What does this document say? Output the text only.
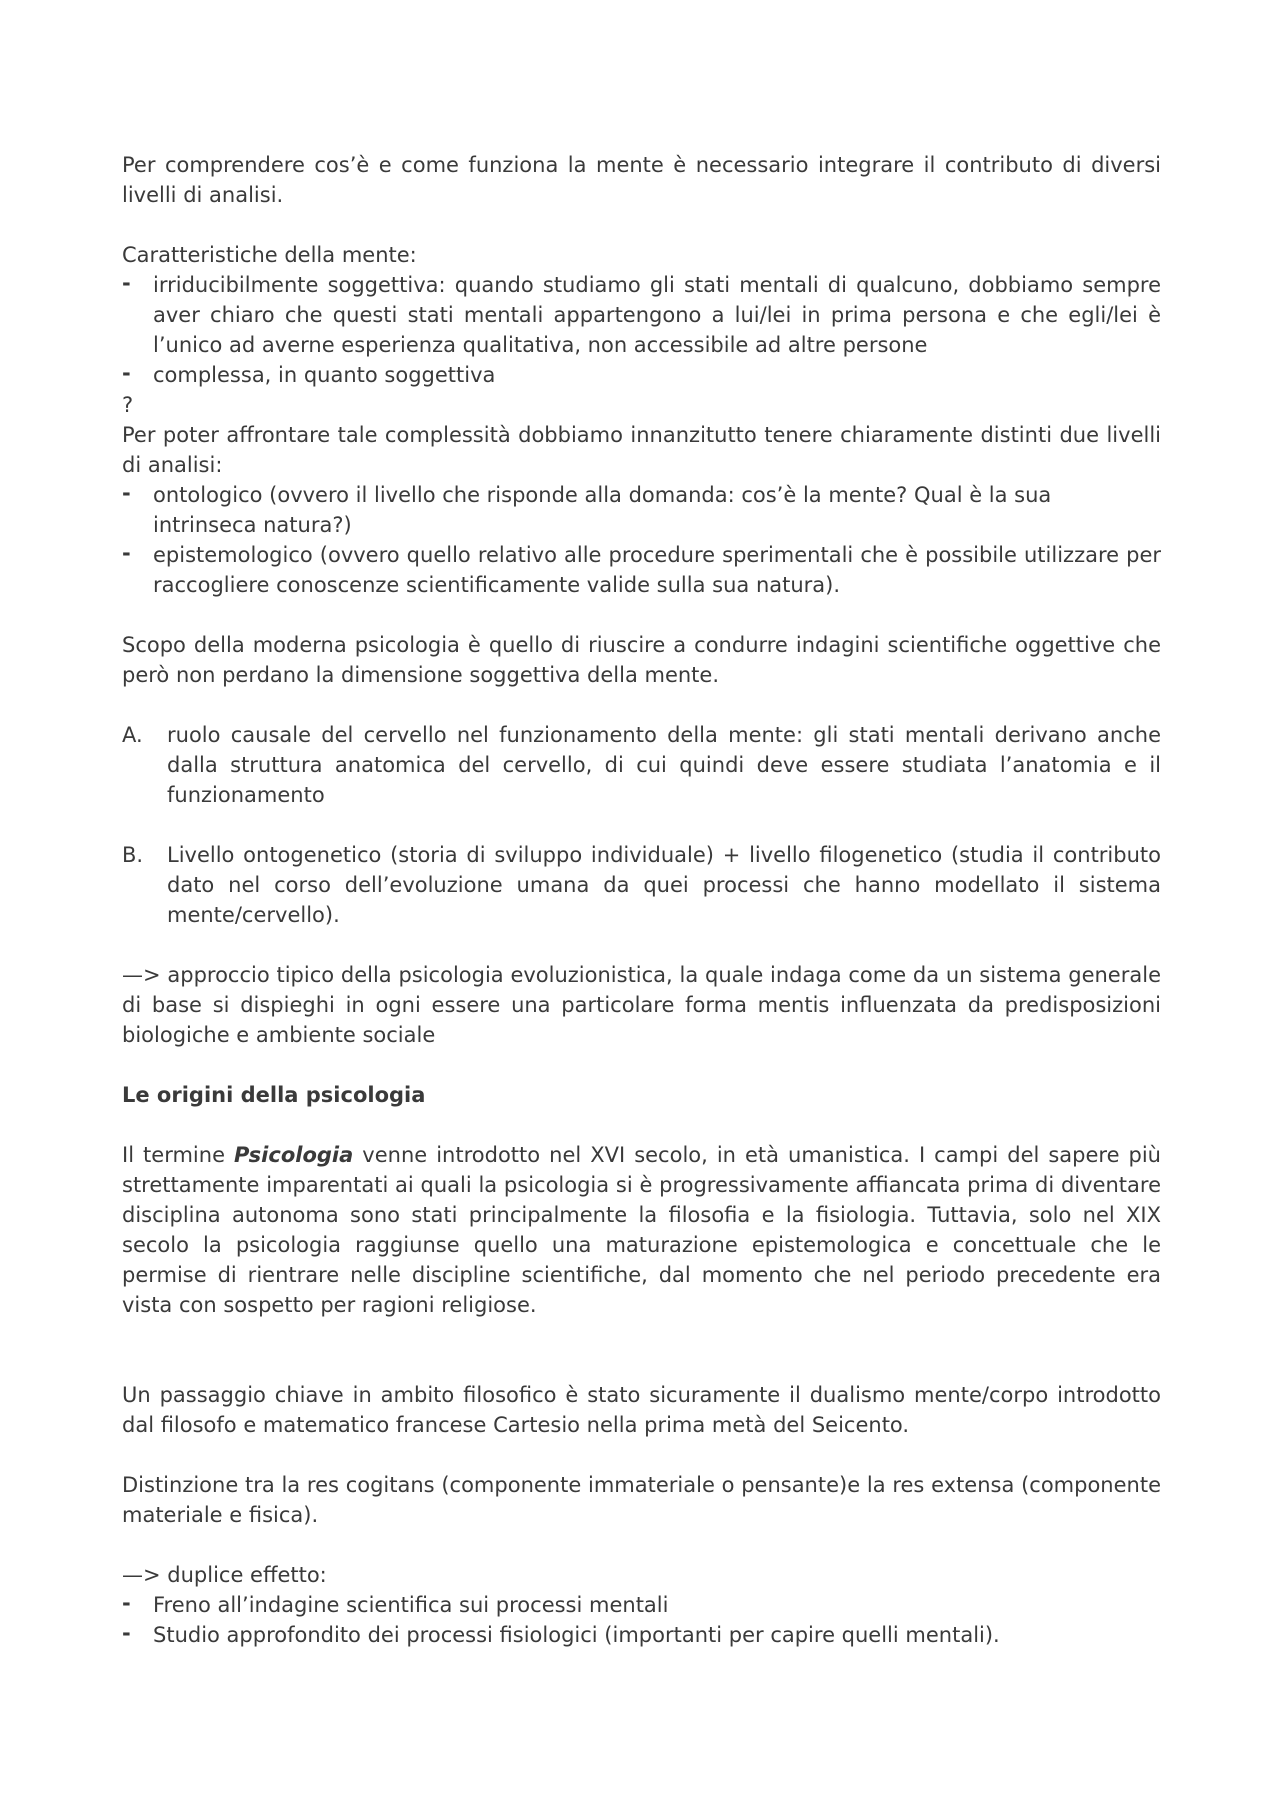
Per comprendere cos’è e come funziona la mente è necessario integrare il contributo di diversi livelli di analisi.

Caratteristiche della mente:

- irriducibilmente soggettiva: quando studiamo gli stati mentali di qualcuno, dobbiamo sempre aver chiaro che questi stati mentali appartengono a lui/lei in prima persona e che egli/lei è l’unico ad averne esperienza qualitativa, non accessibile ad altre persone
- complessa, in quanto soggettiva

?

Per poter affrontare tale complessità dobbiamo innanzitutto tenere chiaramente distinti due livelli di analisi:

- ontologico (ovvero il livello che risponde alla domanda: cos’è la mente? Qual è la sua intrinseca natura?)
- epistemologico (ovvero quello relativo alle procedure sperimentali che è possibile utilizzare per raccogliere conoscenze scientificamente valide sulla sua natura).

Scopo della moderna psicologia è quello di riuscire a condurre indagini scientifiche oggettive che però non perdano la dimensione soggettiva della mente.

A. ruolo causale del cervello nel funzionamento della mente: gli stati mentali derivano anche dalla struttura anatomica del cervello, di cui quindi deve essere studiata l’anatomia e il funzionamento

B. Livello ontogenetico (storia di sviluppo individuale) + livello filogenetico (studia il contributo dato nel corso dell’evoluzione umana da quei processi che hanno modellato il sistema mente/cervello).

—> approccio tipico della psicologia evoluzionistica, la quale indaga come da un sistema generale di base si dispieghi in ogni essere una particolare forma mentis influenzata da predisposizioni biologiche e ambiente sociale

Le origini della psicologia

Il termine Psicologia venne introdotto nel XVI secolo, in età umanistica. I campi del sapere più strettamente imparentati ai quali la psicologia si è progressivamente affiancata prima di diventare disciplina autonoma sono stati principalmente la filosofia e la fisiologia. Tuttavia, solo nel XIX secolo la psicologia raggiunse quello una maturazione epistemologica e concettuale che le permise di rientrare nelle discipline scientifiche, dal momento che nel periodo precedente era vista con sospetto per ragioni religiose.

Un passaggio chiave in ambito filosofico è stato sicuramente il dualismo mente/corpo introdotto dal filosofo e matematico francese Cartesio nella prima metà del Seicento.

Distinzione tra la res cogitans (componente immateriale o pensante)e la res extensa (componente materiale e fisica).

—> duplice effetto:

- Freno all’indagine scientifica sui processi mentali
- Studio approfondito dei processi fisiologici (importanti per capire quelli mentali).
